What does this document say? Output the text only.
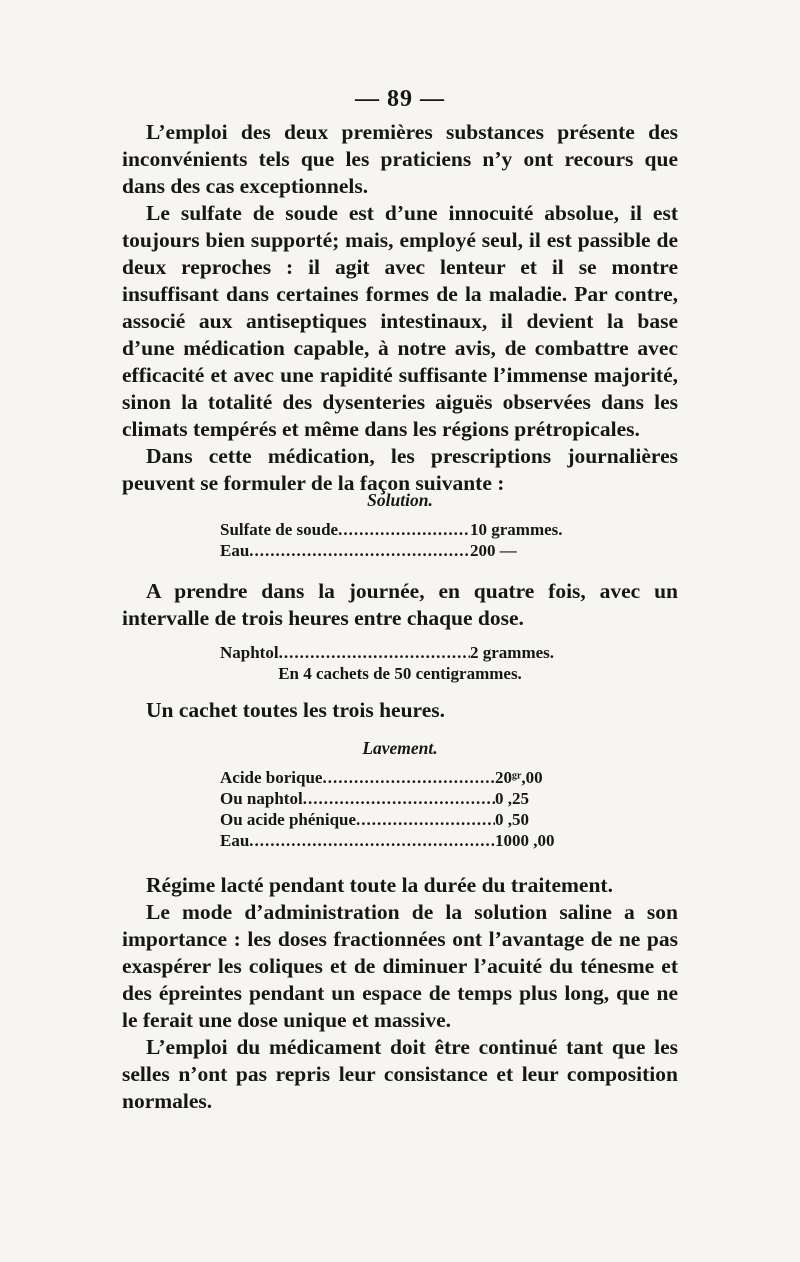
— 89 —

L’emploi des deux premières substances présente des inconvénients tels que les praticiens n’y ont recours que dans des cas exceptionnels.

Le sulfate de soude est d’une innocuité absolue, il est toujours bien supporté; mais, employé seul, il est passible de deux reproches : il agit avec lenteur et il se montre insuffisant dans certaines formes de la maladie. Par contre, associé aux antiseptiques intestinaux, il devient la base d’une médication capable, à notre avis, de combattre avec efficacité et avec une rapidité suffisante l’immense majorité, sinon la totalité des dysenteries aiguës observées dans les climats tempérés et même dans les régions prétropicales.

Dans cette médication, les prescriptions journalières peuvent se formuler de la façon suivante :

Solution.
Sulfate de soude .....	10 grammes.
Eau .....	200 —

A prendre dans la journée, en quatre fois, avec un intervalle de trois heures entre chaque dose.

Naphtol .....	2 grammes.
En 4 cachets de 50 centigrammes.

Un cachet toutes les trois heures.

Lavement.
Acide borique .....	20ᵍʳ,00
Ou naphtol .....	0 ,25
Ou acide phénique .....	0 ,50
Eau .....	1000 ,00

Régime lacté pendant toute la durée du traitement.

Le mode d’administration de la solution saline a son importance : les doses fractionnées ont l’avantage de ne pas exaspérer les coliques et de diminuer l’acuité du ténesme et des épreintes pendant un espace de temps plus long, que ne le ferait une dose unique et massive.

L’emploi du médicament doit être continué tant que les selles n’ont pas repris leur consistance et leur composition normales.
